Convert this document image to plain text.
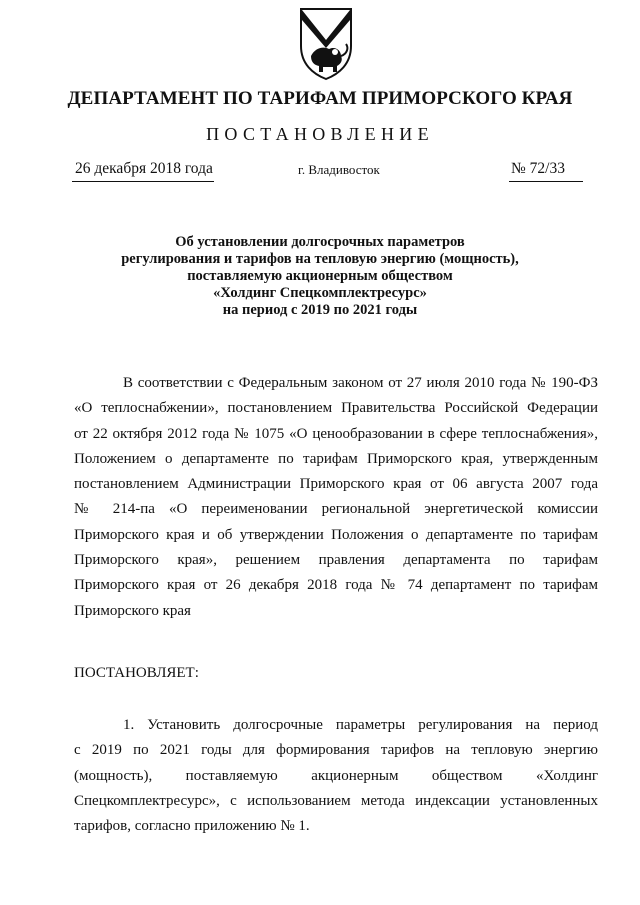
ДЕПАРТАМЕНТ ПО ТАРИФАМ ПРИМОРСКОГО КРАЯ
ПОСТАНОВЛЕНИЕ
26 декабря 2018 года	г. Владивосток	№ 72/33
Об установлении долгосрочных параметров
регулирования и тарифов на тепловую энергию (мощность),
поставляемую акционерным обществом
«Холдинг Спецкомплектресурс»
на период с 2019 по 2021 годы
В соответствии с Федеральным законом от 27 июля 2010 года № 190-ФЗ
«О теплоснабжении», постановлением Правительства Российской Федерации
от 22 октября 2012 года № 1075 «О ценообразовании в сфере теплоснабжения»,
Положением о департаменте по тарифам Приморского края, утвержденным
постановлением Администрации Приморского края от 06 августа 2007 года
№ 214-па «О переименовании региональной энергетической комиссии
Приморского края и об утверждении Положения о департаменте по тарифам
Приморского края», решением правления департамента по тарифам
Приморского края от 26 декабря 2018 года № 74 департамент по тарифам
Приморского края
ПОСТАНОВЛЯЕТ:
1. Установить долгосрочные параметры регулирования на период
с 2019 по 2021 годы для формирования тарифов на тепловую энергию
(мощность), поставляемую акционерным обществом «Холдинг
Спецкомплектресурс», с использованием метода индексации установленных
тарифов, согласно приложению № 1.
